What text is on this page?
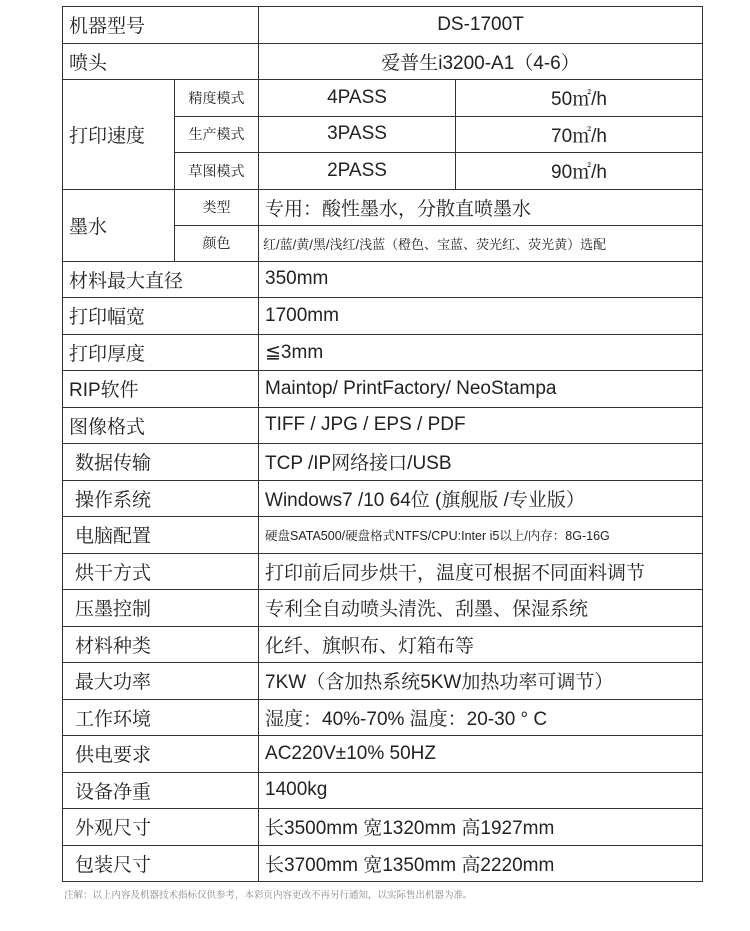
机器型号		DS-1700T	
喷头		爱普生i3200-A1（4-6）	
打印速度	精度模式	4PASS	50㎡/h
	生产模式	3PASS	70㎡/h
	草图模式	2PASS	90㎡/h
墨水	类型	专用：酸性墨水，分散直喷墨水	
	颜色	红/蓝/黄/黑/浅红/浅蓝（橙色、宝蓝、荧光红、荧光黄）选配	
材料最大直径		350mm	
打印幅宽		1700mm	
打印厚度		≦3mm	
RIP软件		Maintop/ PrintFactory/ NeoStampa	
图像格式		TIFF / JPG / EPS / PDF	
数据传输		TCP /IP网络接口/USB	
操作系统		Windows7 /10 64位 (旗舰版 /专业版）	
电脑配置		硬盘SATA500/硬盘格式NTFS/CPU:Inter i5以上/内存：8G-16G	
烘干方式		打印前后同步烘干，温度可根据不同面料调节	
压墨控制		专利全自动喷头清洗、刮墨、保湿系统	
材料种类		化纤、旗帜布、灯箱布等	
最大功率		7KW（含加热系统5KW加热功率可调节）	
工作环境		湿度：40%-70% 温度：20-30 ° C	
供电要求		AC220V±10% 50HZ	
设备净重		1400kg	
外观尺寸		长3500mm 宽1320mm 高1927mm	
包装尺寸		长3700mm 宽1350mm 高2220mm	
注解：以上内容及机器技术指标仅供参考，本彩页内容更改不再另行通知，以实际售出机器为准。
